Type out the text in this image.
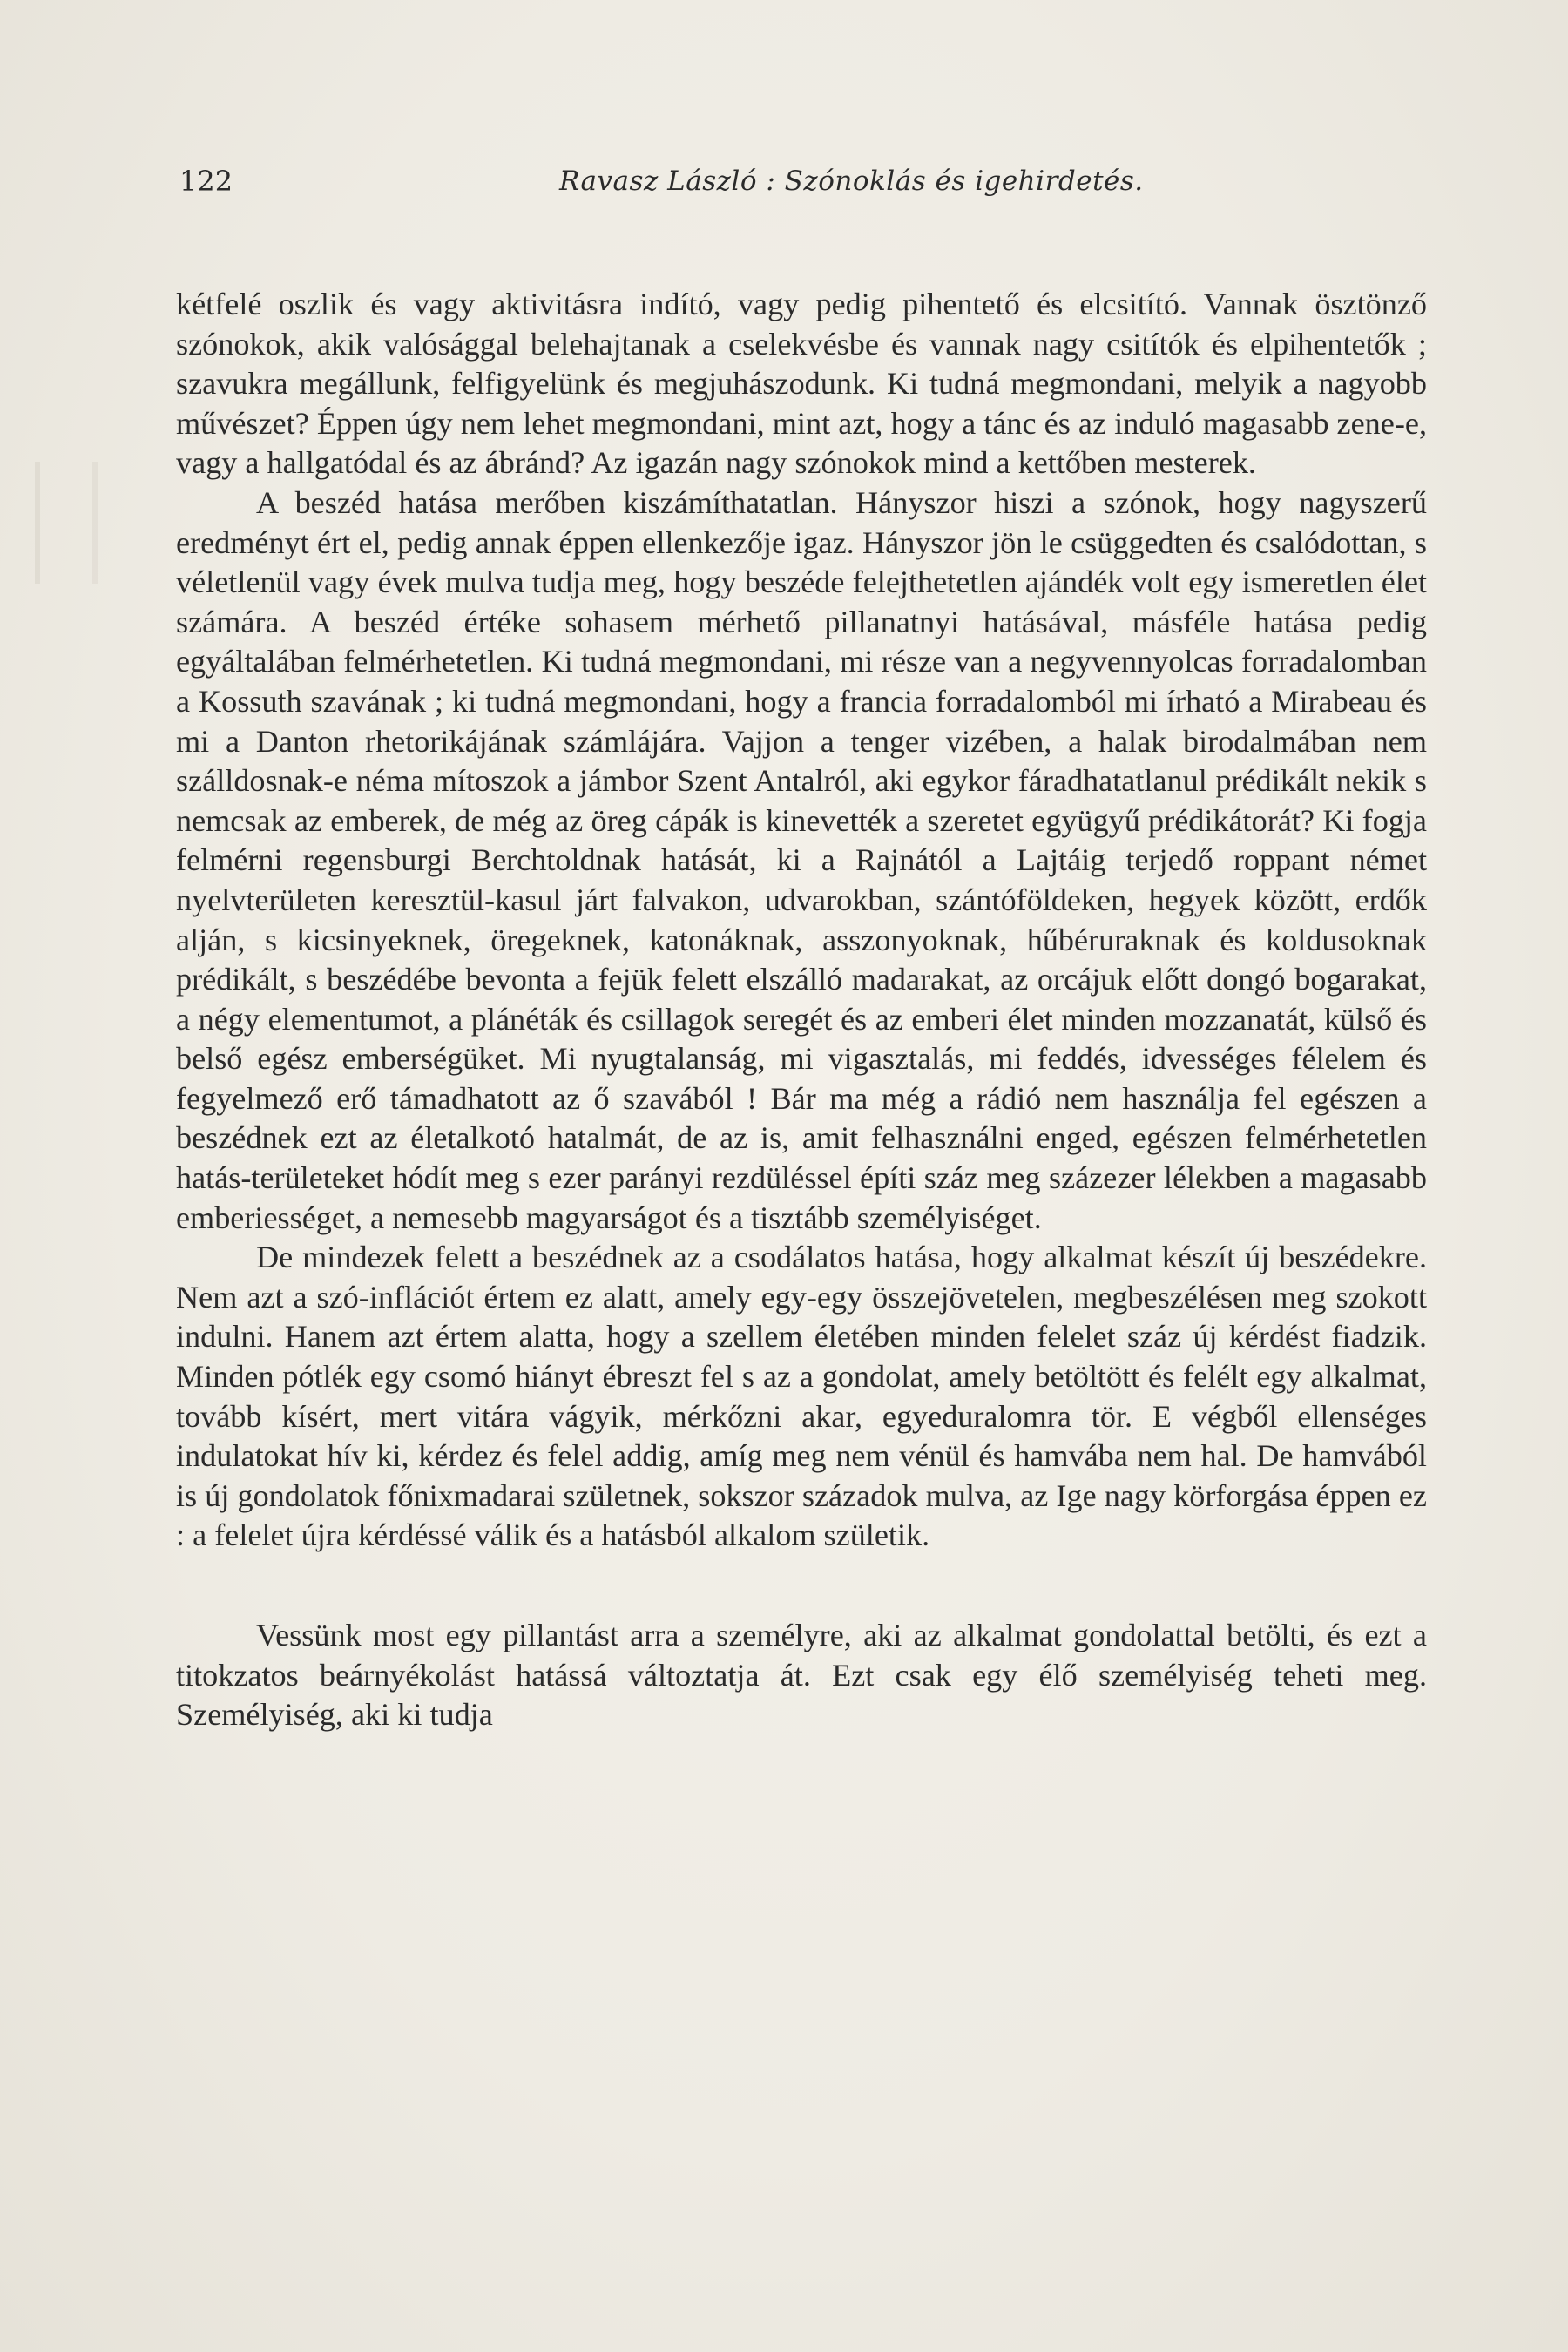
122	Ravasz László : Szónoklás és igehirdetés.

kétfelé oszlik és vagy aktivitásra indító, vagy pedig pihentető és elcsitító. Vannak ösztönző szónokok, akik valósággal belehajtanak a cselekvésbe és vannak nagy csitítók és elpihentetők ; szavukra megállunk, felfigyelünk és megjuhászodunk. Ki tudná megmondani, melyik a nagyobb művészet? Éppen úgy nem lehet megmondani, mint azt, hogy a tánc és az induló magasabb zene-e, vagy a hallgatódal és az ábránd? Az igazán nagy szónokok mind a kettőben mesterek.

A beszéd hatása merőben kiszámíthatatlan. Hányszor hiszi a szónok, hogy nagyszerű eredményt ért el, pedig annak éppen ellenkezője igaz. Hányszor jön le csüggedten és csalódottan, s véletlenül vagy évek mulva tudja meg, hogy beszéde felejthetetlen ajándék volt egy ismeretlen élet számára. A beszéd értéke sohasem mérhető pillanatnyi hatásával, másféle hatása pedig egyáltalában felmérhetetlen. Ki tudná megmondani, mi része van a negyvennyolcas forradalomban a Kossuth szavának ; ki tudná megmondani, hogy a francia forradalomból mi írható a Mirabeau és mi a Danton rhetorikájának számlájára. Vajjon a tenger vizében, a halak birodalmában nem szálldosnak-e néma mítoszok a jámbor Szent Antalról, aki egykor fáradhatatlanul prédikált nekik s nemcsak az emberek, de még az öreg cápák is kinevették a szeretet együgyű prédikátorát? Ki fogja felmérni regensburgi Berchtoldnak hatását, ki a Rajnától a Lajtáig terjedő roppant német nyelvterületen keresztül-kasul járt falvakon, udvarokban, szántóföldeken, hegyek között, erdők alján, s kicsinyeknek, öregeknek, katonáknak, asszonyoknak, hűbéruraknak és koldusoknak prédikált, s beszédébe bevonta a fejük felett elszálló madarakat, az orcájuk előtt dongó bogarakat, a négy elementumot, a plánéták és csillagok seregét és az emberi élet minden mozzanatát, külső és belső egész emberségüket. Mi nyugtalanság, mi vigasztalás, mi feddés, idvességes félelem és fegyelmező erő támadhatott az ő szavából ! Bár ma még a rádió nem használja fel egészen a beszédnek ezt az életalkotó hatalmát, de az is, amit felhasználni enged, egészen felmérhetetlen hatás-területeket hódít meg s ezer parányi rezdüléssel építi száz meg százezer lélekben a magasabb emberiességet, a nemesebb magyarságot és a tisztább személyiséget.

De mindezek felett a beszédnek az a csodálatos hatása, hogy alkalmat készít új beszédekre. Nem azt a szó-inflációt értem ez alatt, amely egy-egy összejövetelen, megbeszélésen meg szokott indulni. Hanem azt értem alatta, hogy a szellem életében minden felelet száz új kérdést fiadzik. Minden pótlék egy csomó hiányt ébreszt fel s az a gondolat, amely betöltött és felélt egy alkalmat, tovább kísért, mert vitára vágyik, mérkőzni akar, egyeduralomra tör. E végből ellenséges indulatokat hív ki, kérdez és felel addig, amíg meg nem vénül és hamvába nem hal. De hamvából is új gondolatok főnixmadarai születnek, sokszor századok mulva, az Ige nagy körforgása éppen ez : a felelet újra kérdéssé válik és a hatásból alkalom születik.

Vessünk most egy pillantást arra a személyre, aki az alkalmat gondolattal betölti, és ezt a titokzatos beárnyékolást hatássá változtatja át. Ezt csak egy élő személyiség teheti meg. Személyiség, aki ki tudja
